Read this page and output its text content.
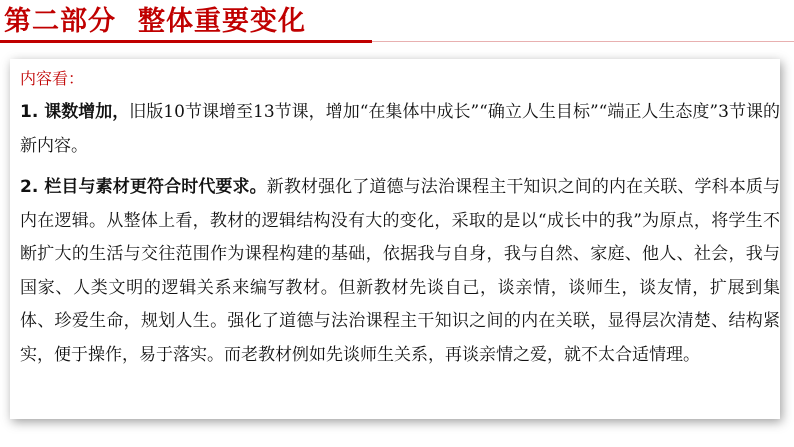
第二部分 整体重要变化
内容看：

1. 课数增加，旧版10节课增至13节课，增加“在集体中成长”“确立人生目标”“端正人生态度”3节课的新内容。

2. 栏目与素材更符合时代要求。新教材强化了道德与法治课程主干知识之间的内在关联、学科本质与内在逻辑。从整体上看，教材的逻辑结构没有大的变化，采取的是以“成长中的我”为原点，将学生不断扩大的生活与交往范围作为课程构建的基础，依据我与自身，我与自然、家庭、他人、社会，我与国家、人类文明的逻辑关系来编写教材。但新教材先谈自己，谈亲情，谈师生，谈友情，扩展到集体、珍爱生命，规划人生。强化了道德与法治课程主干知识之间的内在关联，显得层次清楚、结构紧实，便于操作，易于落实。而老教材例如先谈师生关系，再谈亲情之爱，就不太合适情理。
